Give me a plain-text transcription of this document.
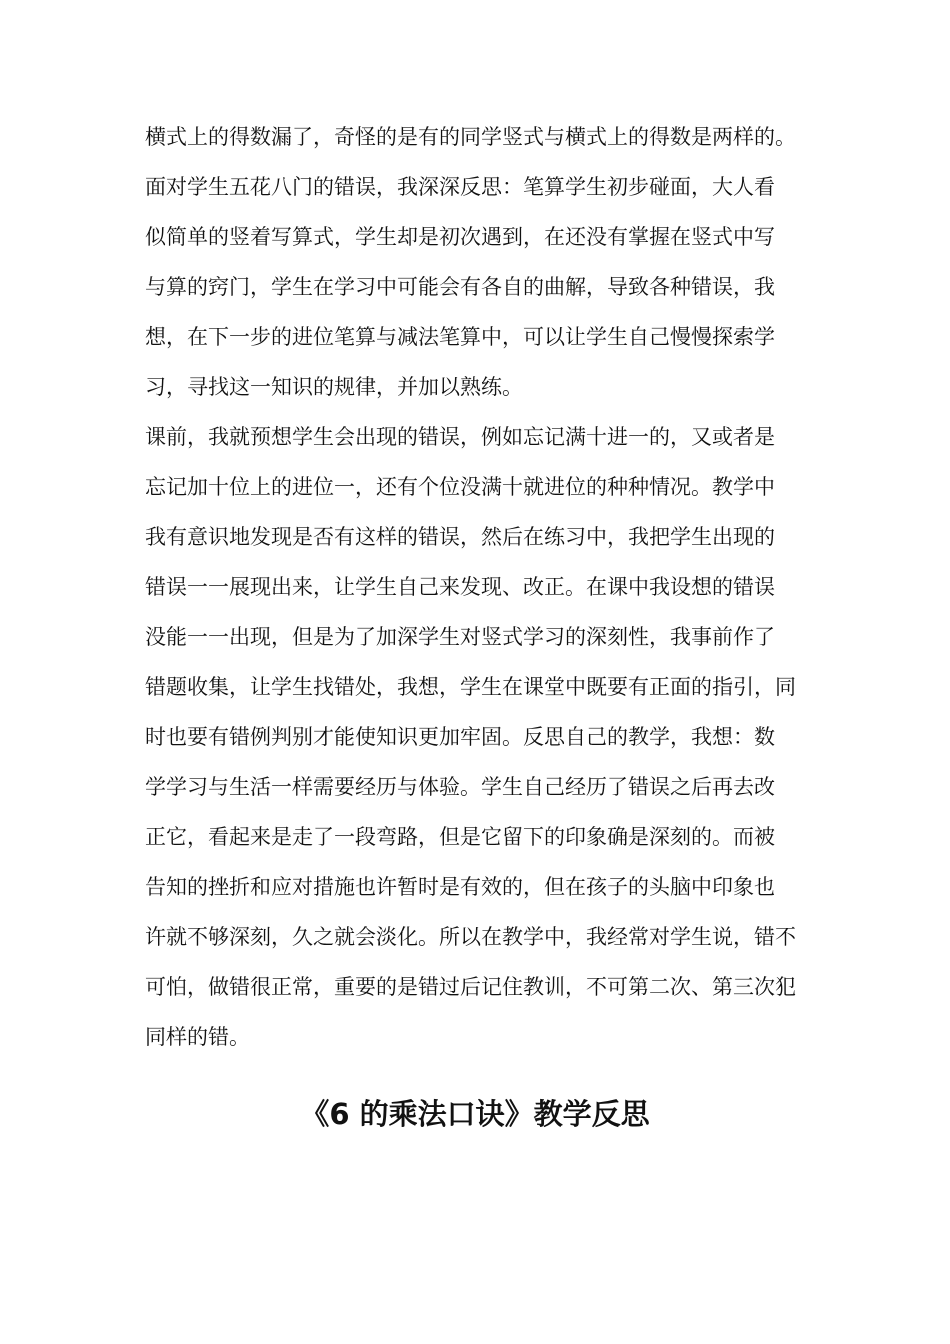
横式上的得数漏了，奇怪的是有的同学竖式与横式上的得数是两样的。
面对学生五花八门的错误，我深深反思：笔算学生初步碰面，大人看
似简单的竖着写算式，学生却是初次遇到，在还没有掌握在竖式中写
与算的窍门，学生在学习中可能会有各自的曲解，导致各种错误，我
想，在下一步的进位笔算与减法笔算中，可以让学生自己慢慢探索学
习，寻找这一知识的规律，并加以熟练。
课前，我就预想学生会出现的错误，例如忘记满十进一的，又或者是
忘记加十位上的进位一，还有个位没满十就进位的种种情况。教学中
我有意识地发现是否有这样的错误，然后在练习中，我把学生出现的
错误一一展现出来，让学生自己来发现、改正。在课中我设想的错误
没能一一出现，但是为了加深学生对竖式学习的深刻性，我事前作了
错题收集，让学生找错处，我想，学生在课堂中既要有正面的指引，同
时也要有错例判别才能使知识更加牢固。反思自己的教学，我想：数
学学习与生活一样需要经历与体验。学生自己经历了错误之后再去改
正它，看起来是走了一段弯路，但是它留下的印象确是深刻的。而被
告知的挫折和应对措施也许暂时是有效的，但在孩子的头脑中印象也
许就不够深刻，久之就会淡化。所以在教学中，我经常对学生说，错不
可怕，做错很正常，重要的是错过后记住教训，不可第二次、第三次犯
同样的错。
《6 的乘法口诀》教学反思
